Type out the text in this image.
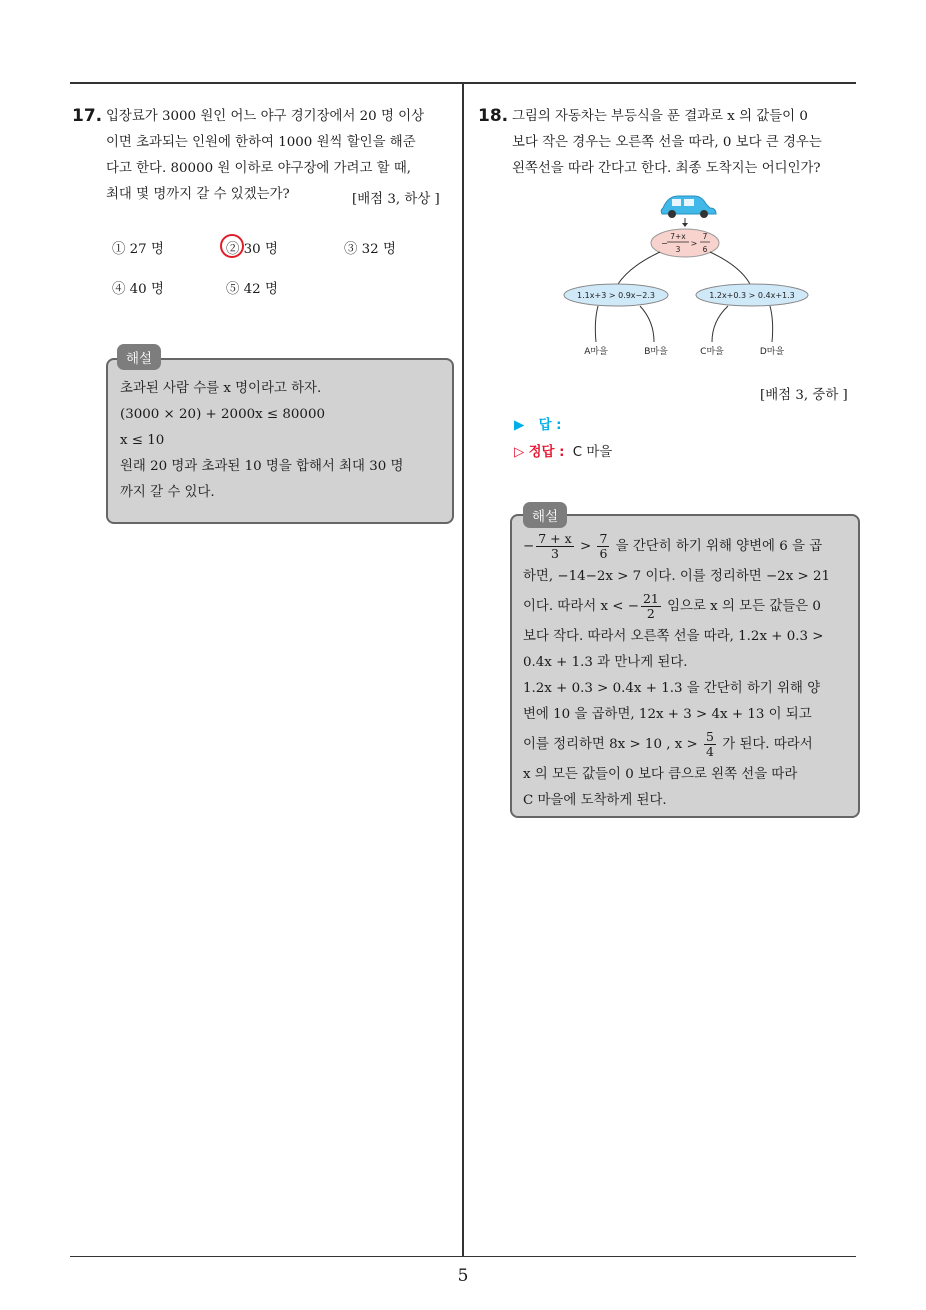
17. 입장료가 3000 원인 어느 야구 경기장에서 20 명 이상
이면 초과되는 인원에 한하여 1000 원씩 할인을 해준
다고 한다. 80000 원 이하로 야구장에 가려고 할 때,
최대 몇 명까지 갈 수 있겠는가?	[배점 3, 하상 ]
① 27 명	② 30 명	③ 32 명
④ 40 명	⑤ 42 명
초과된 사람 수를 x 명이라고 하자.
(3000 × 20) + 2000x ≤ 80000
x ≤ 10
원래 20 명과 초과된 10 명을 합해서 최대 30 명
까지 갈 수 있다.
해설
18. 그림의 자동차는 부등식을 푼 결과로 x 의 값들이 0
보다 작은 경우는 오른쪽 선을 따라, 0 보다 큰 경우는
왼쪽선을 따라 간다고 한다. 최종 도착지는 어디인가?
−
7+x
3
>
7
6
1.1x+3 > 0.9x−2.3	1.2x+0.3 > 0.4x+1.3
A마을	B마을	C마을	D마을
[배점 3, 중하 ]
▶ 답 :
▷ 정답 : C 마을
− $\frac{7 + x}{3} > \frac{7}{6}$ 을 간단히 하기 위해 양변에 6 을 곱
하면, −14−2x > 7 이다. 이를 정리하면 −2x > 21
이다. 따라서 x < − $\frac{21}{2}$ 임으로 x 의 모든 값들은 0
보다 작다. 따라서 오른쪽 선을 따라, 1.2x + 0.3 >
0.4x + 1.3 과 만나게 된다.
1.2x + 0.3 > 0.4x + 1.3 을 간단히 하기 위해 양
변에 10 을 곱하면, 12x + 3 > 4x + 13 이 되고
이를 정리하면 8x > 10 , $x > \frac{5}{4}$ 가 된다. 따라서
x 의 모든 값들이 0 보다 큼으로 왼쪽 선을 따라
C 마을에 도착하게 된다.
해설
5
